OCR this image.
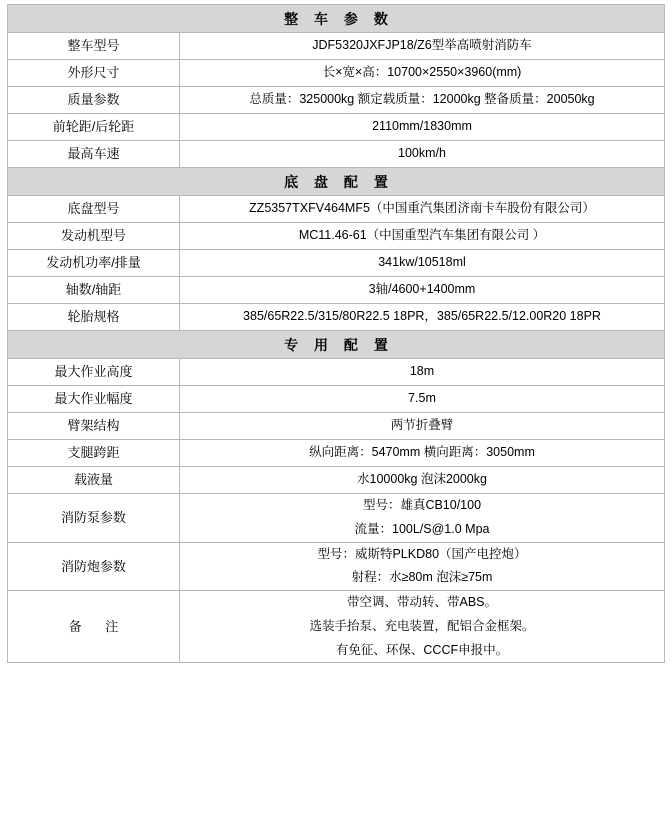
整 车 参 数	
整车型号	JDF5320JXFJP18/Z6型举高喷射消防车

外形尺寸	长×宽×高：10700×2550×3960(mm)

质量参数	总质量：325000kg 额定载质量：12000kg 整备质量：20050kg

前轮距/后轮距	2110mm/1830mm

最高车速	100km/h

底 盘 配 置	
底盘型号	ZZ5357TXFV464MF5（中国重汽集团济南卡车股份有限公司）

发动机型号	MC11.46-61（中国重型汽车集团有限公司 ）

发动机功率/排量	341kw/10518ml

轴数/轴距	3轴/4600+1400mm

轮胎规格	385/65R22.5/315/80R22.5 18PR，385/65R22.5/12.00R20 18PR

专 用 配 置	
最大作业高度	18m

最大作业幅度	7.5m

臂架结构	两节折叠臂

支腿跨距	纵向距离：5470mm 横向距离：3050mm

载液量	水10000kg 泡沫2000kg

消防泵参数	型号：雄真CB10/100
流量：100L/S@1.0 Mpa

消防炮参数	型号：威斯特PLKD80（国产电控炮）
射程：水≥80m 泡沫≥75m

备 注	带空调、带动转、带ABS。
选装手抬泵、充电装置，配铝合金框架。
有免征、环保、CCCF申报中。
